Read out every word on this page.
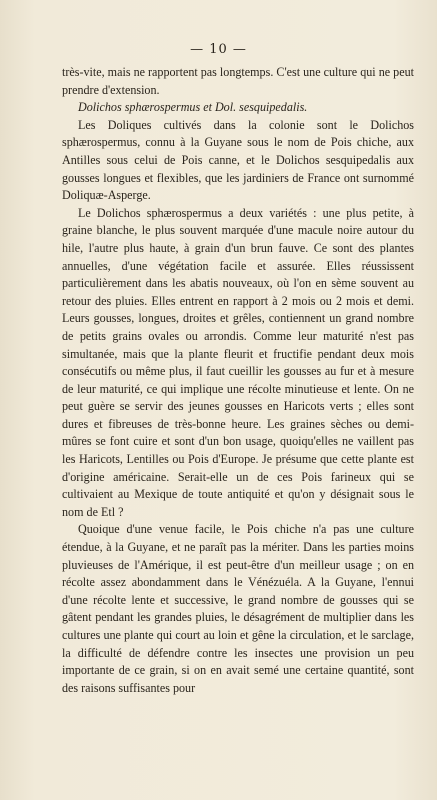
— 10 —

très-vite, mais ne rapportent pas longtemps. C'est une culture qui ne peut prendre d'extension.

Dolichos sphærospermus et Dol. sesquipedalis.

Les Doliques cultivés dans la colonie sont le Dolichos sphærospermus, connu à la Guyane sous le nom de Pois chiche, aux Antilles sous celui de Pois canne, et le Dolichos sesquipedalis aux gousses longues et flexibles, que les jardiniers de France ont surnommé Doliquæ-Asperge.

Le Dolichos sphærospermus a deux variétés : une plus petite, à graine blanche, le plus souvent marquée d'une macule noire autour du hile, l'autre plus haute, à grain d'un brun fauve. Ce sont des plantes annuelles, d'une végétation facile et assurée. Elles réussissent particulièrement dans les abatis nouveaux, où l'on en sème souvent au retour des pluies. Elles entrent en rapport à 2 mois ou 2 mois et demi. Leurs gousses, longues, droites et grêles, contiennent un grand nombre de petits grains ovales ou arrondis. Comme leur maturité n'est pas simultanée, mais que la plante fleurit et fructifie pendant deux mois consécutifs ou même plus, il faut cueillir les gousses au fur et à mesure de leur maturité, ce qui implique une récolte minutieuse et lente. On ne peut guère se servir des jeunes gousses en Haricots verts ; elles sont dures et fibreuses de très-bonne heure. Les graines sèches ou demi-mûres se font cuire et sont d'un bon usage, quoiqu'elles ne vaillent pas les Haricots, Lentilles ou Pois d'Europe. Je présume que cette plante est d'origine américaine. Serait-elle un de ces Pois farineux qui se cultivaient au Mexique de toute antiquité et qu'on y désignait sous le nom de Etl ?

Quoique d'une venue facile, le Pois chiche n'a pas une culture étendue, à la Guyane, et ne paraît pas la mériter. Dans les parties moins pluvieuses de l'Amérique, il est peut-être d'un meilleur usage ; on en récolte assez abondamment dans le Vénézuéla. A la Guyane, l'ennui d'une récolte lente et successive, le grand nombre de gousses qui se gâtent pendant les grandes pluies, le désagrément de multiplier dans les cultures une plante qui court au loin et gêne la circulation, et le sarclage, la difficulté de défendre contre les insectes une provision un peu importante de ce grain, si on en avait semé une certaine quantité, sont des raisons suffisantes pour
